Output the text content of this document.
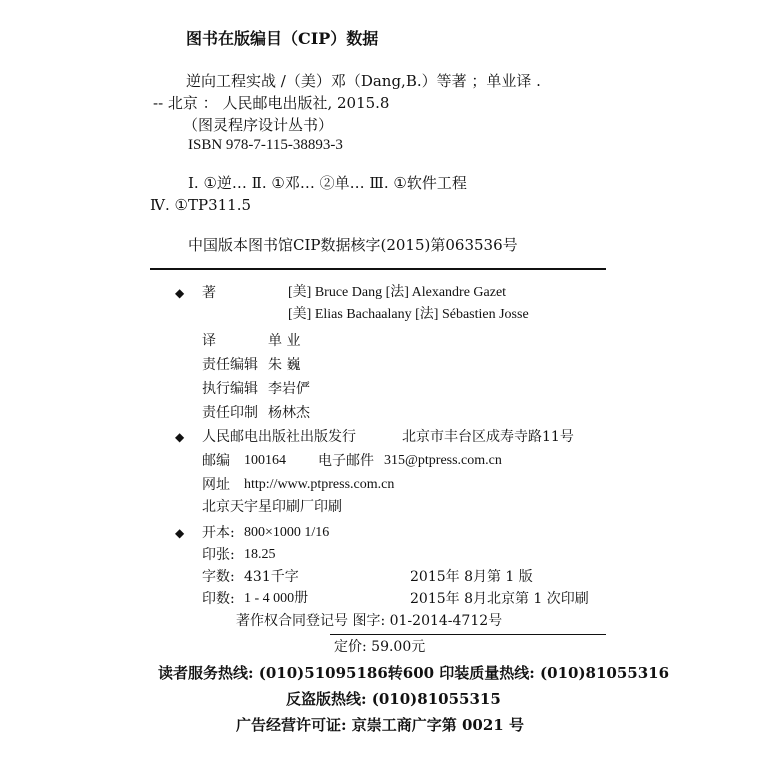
图书在版编目（CIP）数据
逆向工程实战 /（美）邓（Dang,B.）等著 ；单业译 .
-- 北京 ： 人民邮电出版社, 2015.8
（图灵程序设计丛书）
ISBN 978-7-115-38893-3
Ⅰ. ①逆… Ⅱ. ①邓… ②单… Ⅲ. ①软件工程
Ⅳ. ①TP311.5
中国版本图书馆CIP数据核字(2015)第063536号
◆ 著	[美] Bruce Dang [法] Alexandre Gazet
[美] Elias Bachaalany [法] Sébastien Josse
译	单 业
责任编辑 朱 巍
执行编辑 李岩俨
责任印制 杨林杰
◆ 人民邮电出版社出版发行	北京市丰台区成寿寺路11号
邮编 100164 电子邮件 315@ptpress.com.cn
网址 http://www.ptpress.com.cn
北京天宇星印刷厂印刷
◆ 开本: 800×1000 1/16
印张: 18.25
字数: 431千字	2015年 8月第 1 版
印数: 1 - 4 000册	2015年 8月北京第 1 次印刷
著作权合同登记号 图字: 01-2014-4712号
定价: 59.00元
读者服务热线: (010)51095186转600 印装质量热线: (010)81055316
反盗版热线: (010)81055315
广告经营许可证: 京崇工商广字第 0021 号
